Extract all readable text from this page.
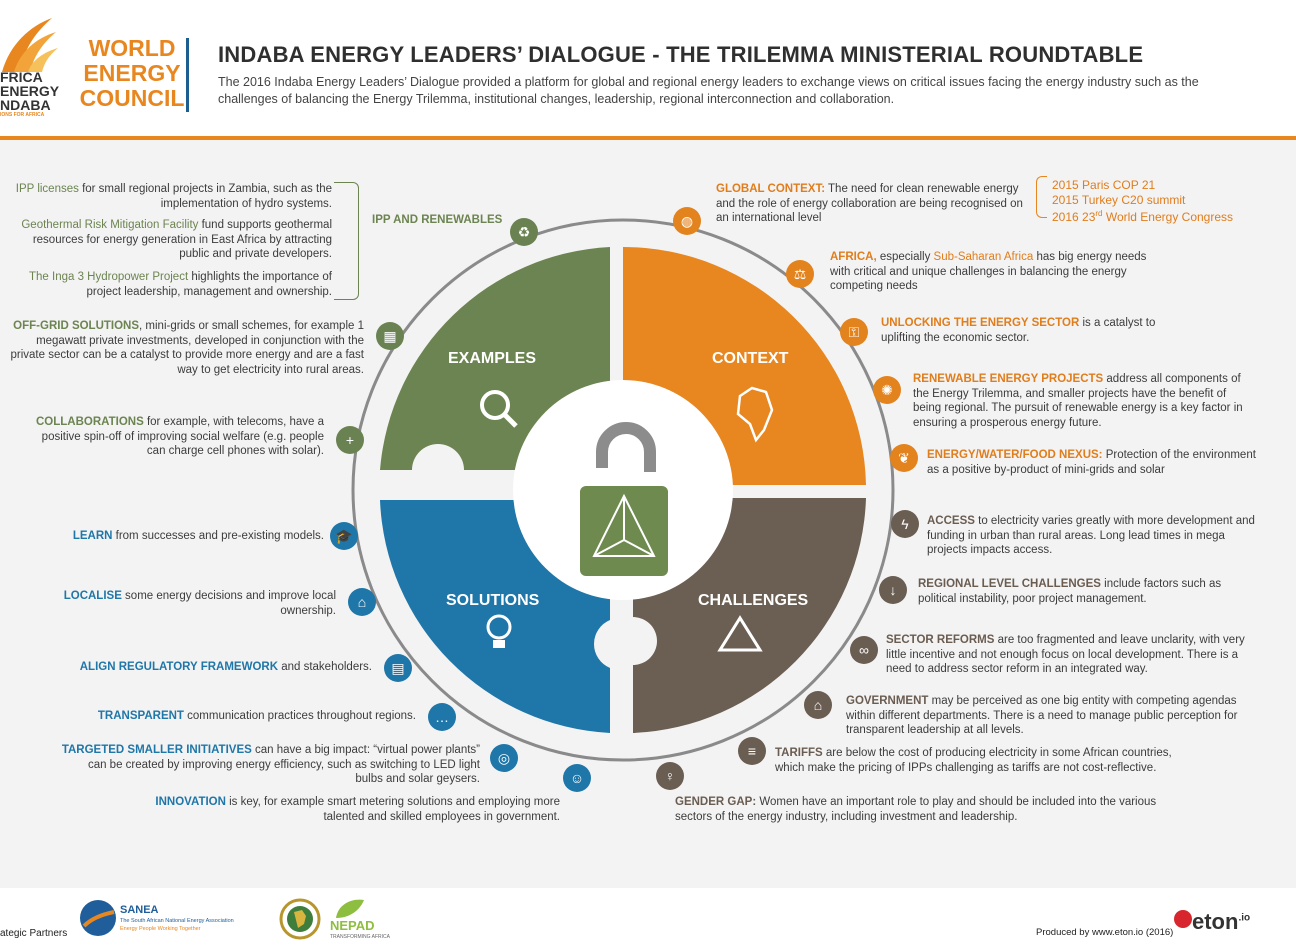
FRICA
ENERGY
NDABA
IONS FOR AFRICA
WORLD
ENERGY
COUNCIL
INDABA ENERGY LEADERS’ DIALOGUE - THE TRILEMMA MINISTERIAL ROUNDTABLE
The 2016 Indaba Energy Leaders’ Dialogue provided a platform for global and regional energy leaders to exchange views on critical issues facing the energy industry such as the challenges of balancing the Energy Trilemma, institutional changes, leadership, regional interconnection and collaboration.
EXAMPLES	CONTEXT
SOLUTIONS	CHALLENGES
♻
▦
+
🎓
⌂
▤
…
◎
☺
◍
⚖
⚿
✺
❦
ϟ
↓
∞
⌂
≡
♀
IPP AND RENEWABLES
IPP licenses for small regional projects in Zambia, such as the implementation of hydro systems.
Geothermal Risk Mitigation Facility fund supports geothermal resources for energy generation in East Africa by attracting public and private developers.
The Inga 3 Hydropower Project highlights the importance of project leadership, management and ownership.
OFF-GRID SOLUTIONS, mini-grids or small schemes, for example 1 megawatt private investments, developed in conjunction with the private sector can be a catalyst to provide more energy and are a fast way to get electricity into rural areas.
COLLABORATIONS for example, with telecoms, have a positive spin-off of improving social welfare (e.g. people can charge cell phones with solar).
LEARN from successes and pre-existing models.
LOCALISE some energy decisions and improve local ownership.
ALIGN REGULATORY FRAMEWORK and stakeholders.
TRANSPARENT communication practices throughout regions.
TARGETED SMALLER INITIATIVES can have a big impact: “virtual power plants” can be created by improving energy efficiency, such as switching to LED light bulbs and solar geysers.
INNOVATION is key, for example smart metering solutions and employing more talented and skilled employees in government.
GLOBAL CONTEXT: The need for clean renewable energy and the role of energy collaboration are being recognised on an international level
2015 Paris COP 21
2015 Turkey C20 summit
2016 23rd World Energy Congress
AFRICA, especially Sub-Saharan Africa has big energy needs with critical and unique challenges in balancing the energy competing needs
UNLOCKING THE ENERGY SECTOR is a catalyst to uplifting the economic sector.
RENEWABLE ENERGY PROJECTS address all components of the Energy Trilemma, and smaller projects have the benefit of being regional. The pursuit of renewable energy is a key factor in ensuring a prosperous energy future.
ENERGY/WATER/FOOD NEXUS: Protection of the environment as a positive by-product of mini-grids and solar
ACCESS to electricity varies greatly with more development and funding in urban than rural areas. Long lead times in mega projects impacts access.
REGIONAL LEVEL CHALLENGES include factors such as political instability, poor project management.
SECTOR REFORMS are too fragmented and leave unclarity, with very little incentive and not enough focus on local development. There is a need to address sector reform in an integrated way.
GOVERNMENT may be perceived as one big entity with competing agendas within different departments. There is a need to manage public perception for transparent leadership at all levels.
TARIFFS are below the cost of producing electricity in some African countries, which make the pricing of IPPs challenging as tariffs are not cost-reflective.
GENDER GAP: Women have an important role to play and should be included into the various sectors of the energy industry, including investment and leadership.
ategic Partners
SANEA
The South African National Energy Association
Energy People Working Together	NEPAD
TRANSFORMING AFRICA	Produced by www.eton.io (2016) eton$^{.io}$
